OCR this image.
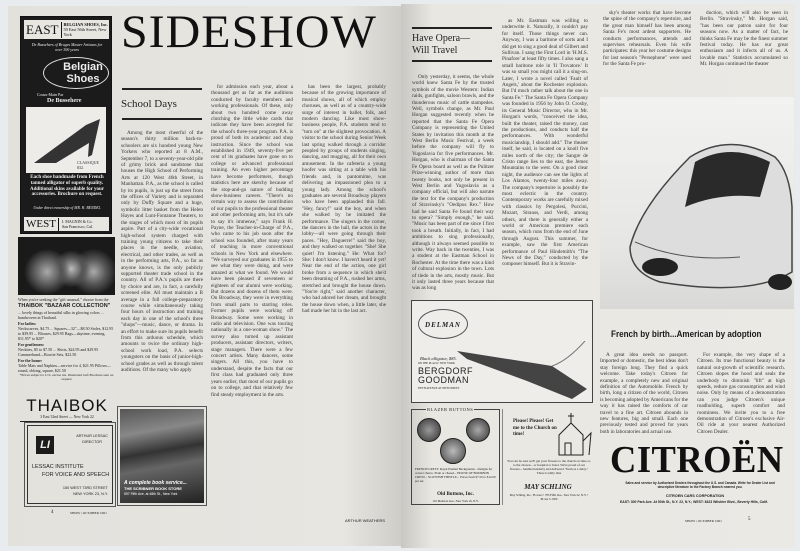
EAST	BELGIAN SHOES, Inc.
59 East 56th Street, New York
De Bussehers of Bruges Master Artisans for over 300 years
Belgian
Shoes
Cousu-Main Par
De Bussehere
CLASSIQUE $32.
Each shoe handmade from French tanned alligator of superb quality. Additional skins available for your accessories. Brochure on request.
Under direct ownership of MR. H. BENDEL
WEST	I. MAGNIN & Co.
San Francisco, Cal.
When you're seeking the "gift unusual," choose from the
THAIBOK "BAZAAR COLLECTION"
... lovely things of beautiful silks in glowing colors ... handwoven in Thailand.
For ladies:
Neckscarves, $4.75 ... Squares—32"—$8.50 Stoles, $12.95 to $39.95 ... Blouses, $29.95 Bags—daytime, evening, $11.95* to $20*
For gentlemen:
Neckties, $5 to $7.50 ... Shirts, $24.95 and $29.95 Cummerbund—Bowtie Sets, $22.50
For the home:
Table Mats and Napkins—service for 4, $21.95 Pillows—round, oblong, square, $21.50
*Prices subject to U.S. excise tax. Illustrated Gift Brochure sent on request
THAIBOK
3 East 52nd Street — New York 22
LI
ARTHUR LESSAC
DIRECTOR
LESSAC INSTITUTE
FOR VOICE AND SPEECH
150 WEST 73RD STREET
NEW YORK 23, N.Y.
4	SHOW | OCTOBER 1961
SIDESHOW
School Days
Among the most cheerful of the season's thirty million back-to-schoolers are six hundred young New Yorkers who reported at 8 A.M., September 7, to a seventy-year-old pile of grimy brick and sandstone that houses the High School of Performing Arts at 120 West 46th Street, in Manhattan. P.A., as the school is called by its pupils, is just up the street from the offices of Variety and is separated only by Duffy Square and a huge, symbolic litter basket from the Helen Hayes and Lunt-Fontanne Theaters, to the stages of which most of its pupils aspire. Part of a city-wide vocational high-school system charged with training young citizens to take their places in the needle, aviation, electrical, and other trades, as well as in the performing arts, P.A., so far as anyone knows, is the only publicly supported theater trade school in the country. All of P.A.'s pupils are there by choice and are, in fact, a carefully screened elite. All must maintain a B average in a full college-preparatory course while simultaneously taking four hours of instruction and training each day in one of the school's three "shops"—music, dance, or drama. In an effort to make sure its pupils benefit from this arduous schedule, which amounts to twice the ordinary high-school work load, P.A. selects youngsters on the basis of junior-high-school grades as well as through talent auditions. Of the many who apply
for admission each year, about a thousand get as far as the auditions conducted by faculty members and working professionals. Of these, only about two hundred come away clutching the little white cards that indicate they have been accepted for the school's three-year program. P.A. is proud of both its academic and shop instruction. Since the school was established in 1949, seventy-five per cent of its graduates have gone on to college or advanced professional training. An even higher percentage have become performers, though statistics here are sketchy because of the stop-and-go nature of budding show-business careers. "There's no certain way to assess the contribution of our pupils to the professional theater and other performing arts, but it's safe to say it's immense," says Frank H. Payne, the Teacher-in-Charge of P.A., who came to his job soon after the school was founded, after many years of teaching in more conventional schools in New York and elsewhere. "We surveyed our graduates in 1955 to see what they were doing, and were amazed at what we found. We would have been pleased if seventeen or eighteen of our alumni were working. But dozens and dozens of them were. On Broadway, they were in everything from small parts to starring roles. Former pupils were working off Broadway. Some were working in radio and television. One was touring nationally in a one-woman show." The survey also turned up assistant producers, assistant directors, writers, stage managers. There were a few concert artists. Many dancers, some singers. All this, you have to understand, despite the facts that our first class had graduated only three years earlier, that most of our pupils go on to college, and that relatively few find steady employment in the arts.
has been the largest, probably because of the growing importance of musical shows, all of which employ choruses, as well as of a country-wide surge of interest in ballet, folk, and modern dancing. Like most show-business people, P.A. students tend to "turn on" at the slightest provocation. A visitor to the school during Senior Week last spring walked through a corridor peopled by groups of students singing, dancing, and mugging, all for their own amusement. In the cafeteria a young hoofer was sitting at a table with his friends and, in pantomime, was delivering an impassioned plea to a young lady. Among the school's graduates are several Broadway players who have been applauded this fall. "Hey, fancy!" said the boy, and when she walked by he imitated the performance. The singers in the corner, the dancers in the hall, the actors in the lobby—all were going through their paces. "Hey, Daguerre!" said the boy, and they walked on together. "She! She quiet! I'm listening." He: What for? She: I don't know. I haven't heard it yet! Near the end of the action, one girl broke from a sequence in which she'd been dreaming of P.A., rushed her arms, stretched and brought the house down. "You're right," said another character, who had adored her dream, and brought the house down when, a little later, she had made her hit in the last act.
ARTHUR WEATHERS
A complete book service...
THE SCRIBNER BOOK STORE
597 Fifth Ave. at 48th St., New York
Have Opera—
Will Travel
Only yesterday, it seems, the whole world knew Santa Fe by the trusted symbols of the movie Western: Indian raids, gunfights, saloon brawls, and the thunderous music of cattle stampedes. Well, symbols change, as Mr. Paul Horgan suggested recently when he reported that the Santa Fe Opera Company is representing the United States by invitation this month at the West Berlin Music Festival, a week before the company will fly to Yugoslavia for five performances. Mr. Horgan, who is chairman of the Santa Fe Opera board as well as the Pulitzer Prize-winning author of more than twenty books, not only be present in West Berlin and Yugoslavia as a company official, but will also narrate the text for the company's production of Stravinsky's "Oedipus Rex." How had he said Santa Fe found their way to opera? "Simply enough," he said. "Music has been part of me since I first took a breath. Initially, in fact, I had ambitions to sing professionally, although it always seemed possible to write. Way back in the twenties, I was a student at the Eastman School in Rochester. At the time there was a kind of cultural explosion in the town. Lots of tiedo in the arts, mostly music. But it only lasted three years because that was as long
as Mr. Eastman was willing to underwrite it. Naturally, it couldn't pay for itself. Those things never can. Anyway, I was a baritone of sorts and I did get to sing a good deal of Gilbert and Sullivan. I sang the First Lord in 'H.M.S. Pinafore' at least fifty times. I also sang a small baritone role in 'Il Trovatore.' It was so small you might call it a sing-on. Later, I wrote a novel called 'Fault of Angels,' about the Rochester explosion. But I'd much rather talk about the one in Santa Fe." The Santa Fe Opera Company was founded in 1956 by John O. Crosby, its General Music Director, who in Mr. Horgan's words, "conceived the idea, built the theater, raised the money, cast the productions, and conducts half the performances. With wonderful musicianship, I should add." The theater itself, he said, is located on a knoll five miles north of the city; the Sangre de Cristo range lies to the east, the Jemez Mountains to the west. On a good clear night, the audience can see the lights of Los Alamos, twenty-four miles away. The company's repertoire is possibly the most eclectic in the country. Contemporary works are carefully mixed with classics by Pergolesi, Puccini, Mozart, Strauss, and Verdi, among others, and there is generally either a world or American premiere each season, which runs from the end of June through August. This summer, for example, saw the first American performance of Paul Hindemith's "The News of the Day," conducted by the composer himself. But it is Stravin-
sky's theater works that have become the spine of the company's repertoire, and the great man himself has been among Santa Fe's most ardent supporters. He conducts performances, attends and supervises rehearsals. Even his wife participates: this year her costume designs for last season's "Persephone" were used for the Santa Fe pro-
duction, which will also be seen in Berlin. "Stravinsky," Mr. Horgan said, "has been our patron saint for four seasons now. As a matter of fact, he thinks Santa Fe may be the finest summer festival today. He has our great enthusiasm and it infects all of us. A lovable man." Statistics accumulated so Mr. Horgan continued the theater
DELMAN
Black alligator, $85.
ON THE PLAZA • NEW YORK
BERGDORF
GOODMAN
FIFTH AVENUE AT 58TH STREET
BLAZER BUTTONS
FRENCH CREST: Royal Enamel Background... Designs for correct choice. Plain or chased... HOUSE OF BOURBON CREST... SCOTTISH THISTLE... Prices from $7.50 to $12.00 per set.
Old Buttons, Inc.
110 Madison Ave., New York 16, N.Y.
Please! Please! Get me to the Church on time!
You can be sure we'll get your flowers to the church on time or, to the chosen... or hospital or hotel. We're proud of our flowers... handled tenderly and delivered "fresh as a daisy." There is Only One
MAY SCHLING
May Schling, Inc., Flowers • 783 Fifth Ave., New York 22, N.Y. • PLaza 3-1500
French by birth...American by adoption
A great idea needs no passport. Imported or domestic, the best ideas don't stay foreign long. They find a quick welcome. Take today's Citroen for example, a completely new and original definition of the Automobile. French by birth, long a citizen of the world, Citroen is becoming adopted by Americans for the way it has raised the comforts of car travel to a fine art. Citroen abounds in new features, big and small. Each one previously tested and proved for years both in laboratories and actual use.
For example, the very shape of a Citroen. Its true functional beauty is the natural out-growth of scientific research. Citroen slopes the hood and seals the underbody to diminish "lift" at high speeds, reduce gas consumption and wind noise. Only by means of a demonstration can you judge Citroen's unique roadholding, superb comfort and roominess. We invite you to a free demonstration of Citroen's exclusive Air-Oil ride at your nearest Authorized Citroen Dealer.
CITROËN
Sales and service by Authorized Dealers throughout the U.S. and Canada. Write for Dealer List and descriptive literature to the Factory Branch nearest you.
CITROEN CARS CORPORATION
EAST: 300 Park Ave. At 50th St., N.Y. 22, N.Y.; WEST: 8423 Wilshire Blvd., Beverly Hills, Calif.
SHOW | OCTOBER 1961	5
